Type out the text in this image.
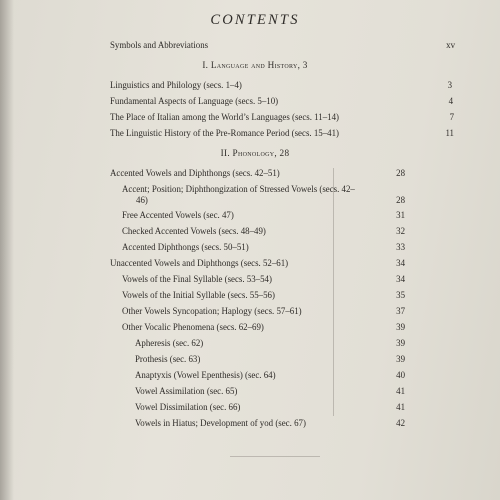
CONTENTS
Symbols and Abbreviations	xv
I. Language and History, 3
Linguistics and Philology (secs. 1–4)	3
Fundamental Aspects of Language (secs. 5–10)	4
The Place of Italian among the World’s Languages (secs. 11–14)	7
The Linguistic History of the Pre-Romance Period (secs. 15–41)	11
II. Phonology, 28
Accented Vowels and Diphthongs (secs. 42–51)	28
Accent; Position; Diphthongization of Stressed Vowels (secs. 42–
46)	28
Free Accented Vowels (sec. 47)	31
Checked Accented Vowels (secs. 48–49)	32
Accented Diphthongs (secs. 50–51)	33
Unaccented Vowels and Diphthongs (secs. 52–61)	34
Vowels of the Final Syllable (secs. 53–54)	34
Vowels of the Initial Syllable (secs. 55–56)	35
Other Vowels Syncopation; Haplogy (secs. 57–61)	37
Other Vocalic Phenomena (secs. 62–69)	39
Apheresis (sec. 62)	39
Prothesis (sec. 63)	39
Anaptyxis (Vowel Epenthesis) (sec. 64)	40
Vowel Assimilation (sec. 65)	41
Vowel Dissimilation (sec. 66)	41
Vowels in Hiatus; Development of yod (sec. 67)	42
